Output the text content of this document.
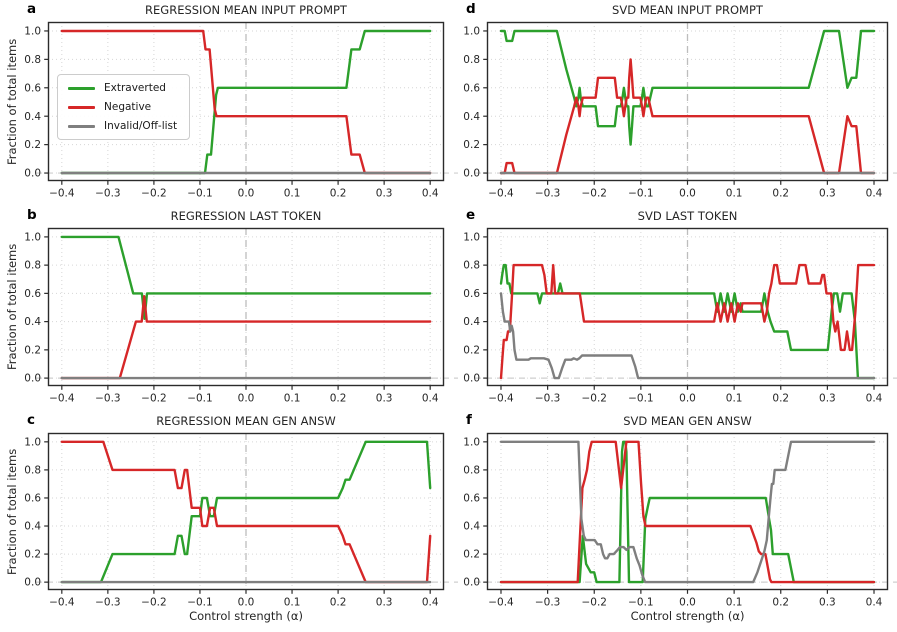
a	REGRESSION MEAN INPUT PROMPT
Fraction of total items
−0.4 −0.3 −0.2 −0.1 0.0	0.1	0.2	0.3	0.4
0.0
0.2
0.4
0.6
0.8
1.0
Extraverted
Negative
Invalid/Off-list
b	REGRESSION LAST TOKEN
Fraction of total items
−0.4 −0.3 −0.2 −0.1 0.0	0.1	0.2	0.3	0.4
0.0
0.2
0.4
0.6
0.8
1.0
c	REGRESSION MEAN GEN ANSW
Fraction of total items
Control strength (α)
−0.4 −0.3 −0.2 −0.1 0.0	0.1	0.2	0.3	0.4
0.0
0.2
0.4
0.6
0.8
1.0
d	SVD MEAN INPUT PROMPT
−0.4 −0.3 −0.2 −0.1 0.0	0.1	0.2	0.3	0.4
0.0
0.2
0.4
0.6
0.8
1.0
e	SVD LAST TOKEN
−0.4 −0.3 −0.2 −0.1 0.0	0.1	0.2	0.3	0.4
0.0
0.2
0.4
0.6
0.8
1.0
f	SVD MEAN GEN ANSW
Control strength (α)
−0.4 −0.3 −0.2 −0.1 0.0	0.1	0.2	0.3	0.4
0.0
0.2
0.4
0.6
0.8
1.0
